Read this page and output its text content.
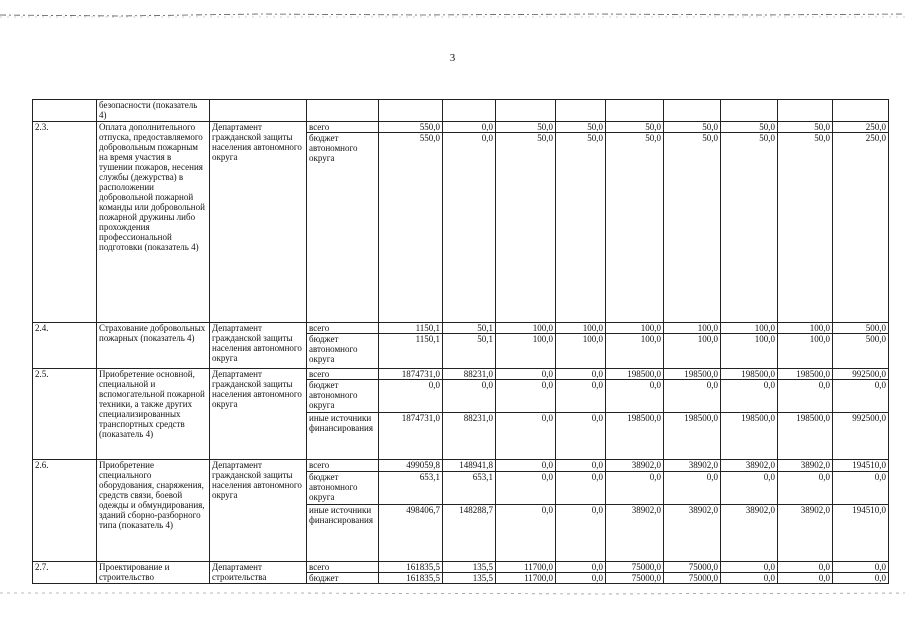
3
	безопасности (показатель 4)											
2.3.	Оплата дополнительного отпуска, предоставляемого добровольным пожарным на время участия в тушении пожаров, несения службы (дежурства) в расположении добровольной пожарной команды или добровольной пожарной дружины либо прохождения профессиональной подготовки (показатель 4)	Департамент гражданской защиты населения автономного округа	всего	550,0	0,0	50,0	50,0	50,0	50,0	50,0	50,0	250,0
			бюджет автономного округа	550,0	0,0	50,0	50,0	50,0	50,0	50,0	50,0	250,0
2.4.	Страхование добровольных пожарных (показатель 4)	Департамент гражданской защиты населения автономного округа	всего	1150,1	50,1	100,0	100,0	100,0	100,0	100,0	100,0	500,0
			бюджет автономного округа	1150,1	50,1	100,0	100,0	100,0	100,0	100,0	100,0	500,0
2.5.	Приобретение основной, специальной и вспомогательной пожарной техники, а также других специализированных транспортных средств (показатель 4)	Департамент гражданской защиты населения автономного округа	всего	1874731,0	88231,0	0,0	0,0	198500,0	198500,0	198500,0	198500,0	992500,0
			бюджет автономного округа	0,0	0,0	0,0	0,0	0,0	0,0	0,0	0,0	0,0
			иные источники финансирования	1874731,0	88231,0	0,0	0,0	198500,0	198500,0	198500,0	198500,0	992500,0
2.6.	Приобретение специального оборудования, снаряжения, средств связи, боевой одежды и обмундирования, зданий сборно-разборного типа (показатель 4)	Департамент гражданской защиты населения автономного округа	всего	499059,8	148941,8	0,0	0,0	38902,0	38902,0	38902,0	38902,0	194510,0
			бюджет автономного округа	653,1	653,1	0,0	0,0	0,0	0,0	0,0	0,0	0,0
			иные источники финансирования	498406,7	148288,7	0,0	0,0	38902,0	38902,0	38902,0	38902,0	194510,0
2.7.	Проектирование и строительство	Департамент строительства	всего	161835,5	135,5	11700,0	0,0	75000,0	75000,0	0,0	0,0	0,0
			бюджет	161835,5	135,5	11700,0	0,0	75000,0	75000,0	0,0	0,0	0,0
